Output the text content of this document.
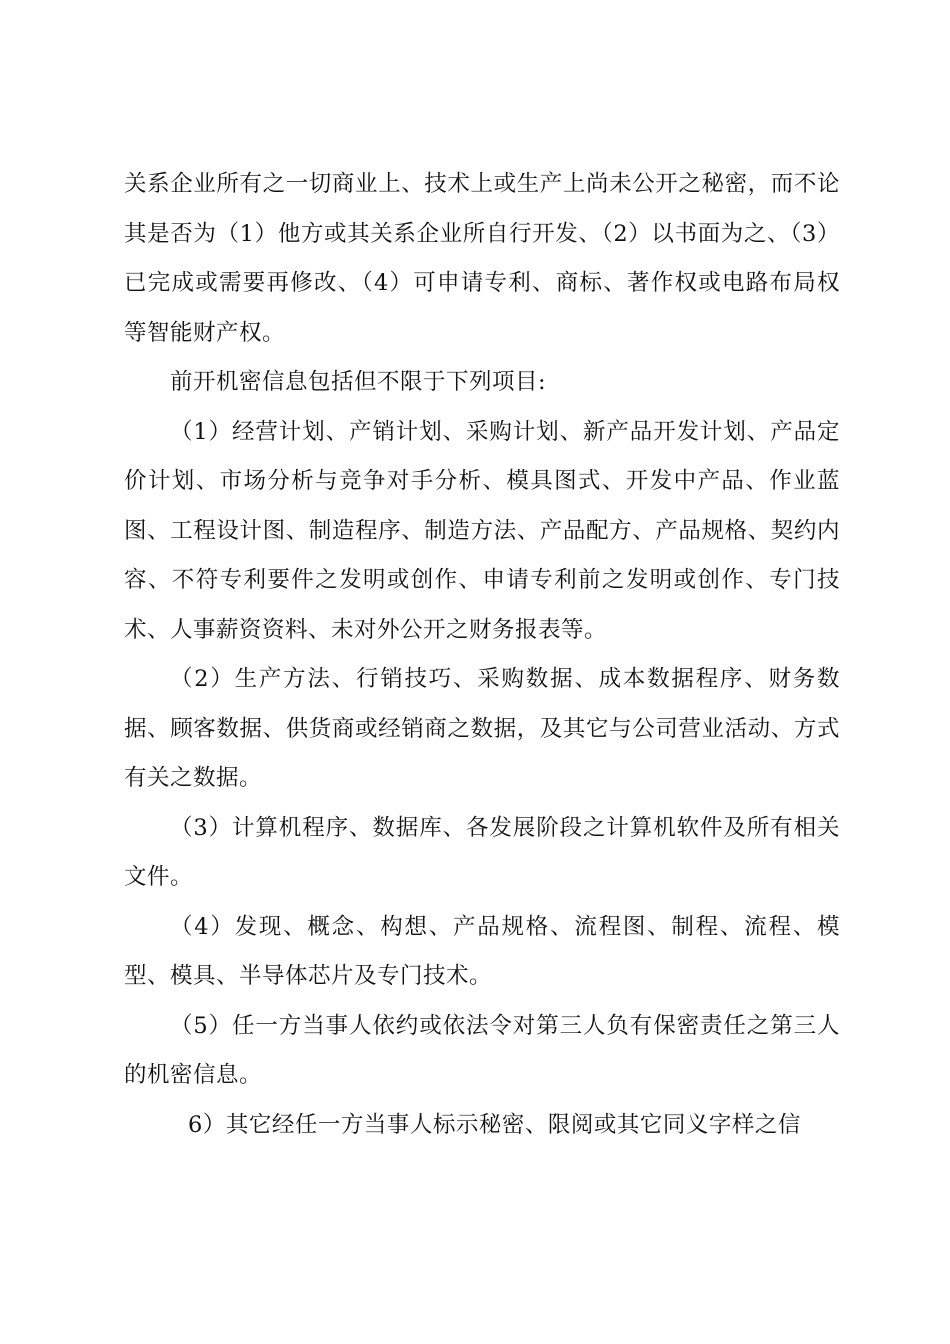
关系企业所有之一切商业上、技术上或生产上尚未公开之秘密，而不论其是否为（1）他方或其关系企业所自行开发、（2）以书面为之、（3）已完成或需要再修改、（4）可申请专利、商标、著作权或电路布局权等智能财产权。

前开机密信息包括但不限于下列项目:

（1）经营计划、产销计划、采购计划、新产品开发计划、产品定价计划、市场分析与竞争对手分析、模具图式、开发中产品、作业蓝图、工程设计图、制造程序、制造方法、产品配方、产品规格、契约内容、不符专利要件之发明或创作、申请专利前之发明或创作、专门技术、人事薪资资料、未对外公开之财务报表等。

（2）生产方法、行销技巧、采购数据、成本数据程序、财务数据、顾客数据、供货商或经销商之数据，及其它与公司营业活动、方式有关之数据。

（3）计算机程序、数据库、各发展阶段之计算机软件及所有相关文件。

（4）发现、概念、构想、产品规格、流程图、制程、流程、模型、模具、半导体芯片及专门技术。

（5）任一方当事人依约或依法令对第三人负有保密责任之第三人的机密信息。

6）其它经任一方当事人标示秘密、限阅或其它同义字样之信
